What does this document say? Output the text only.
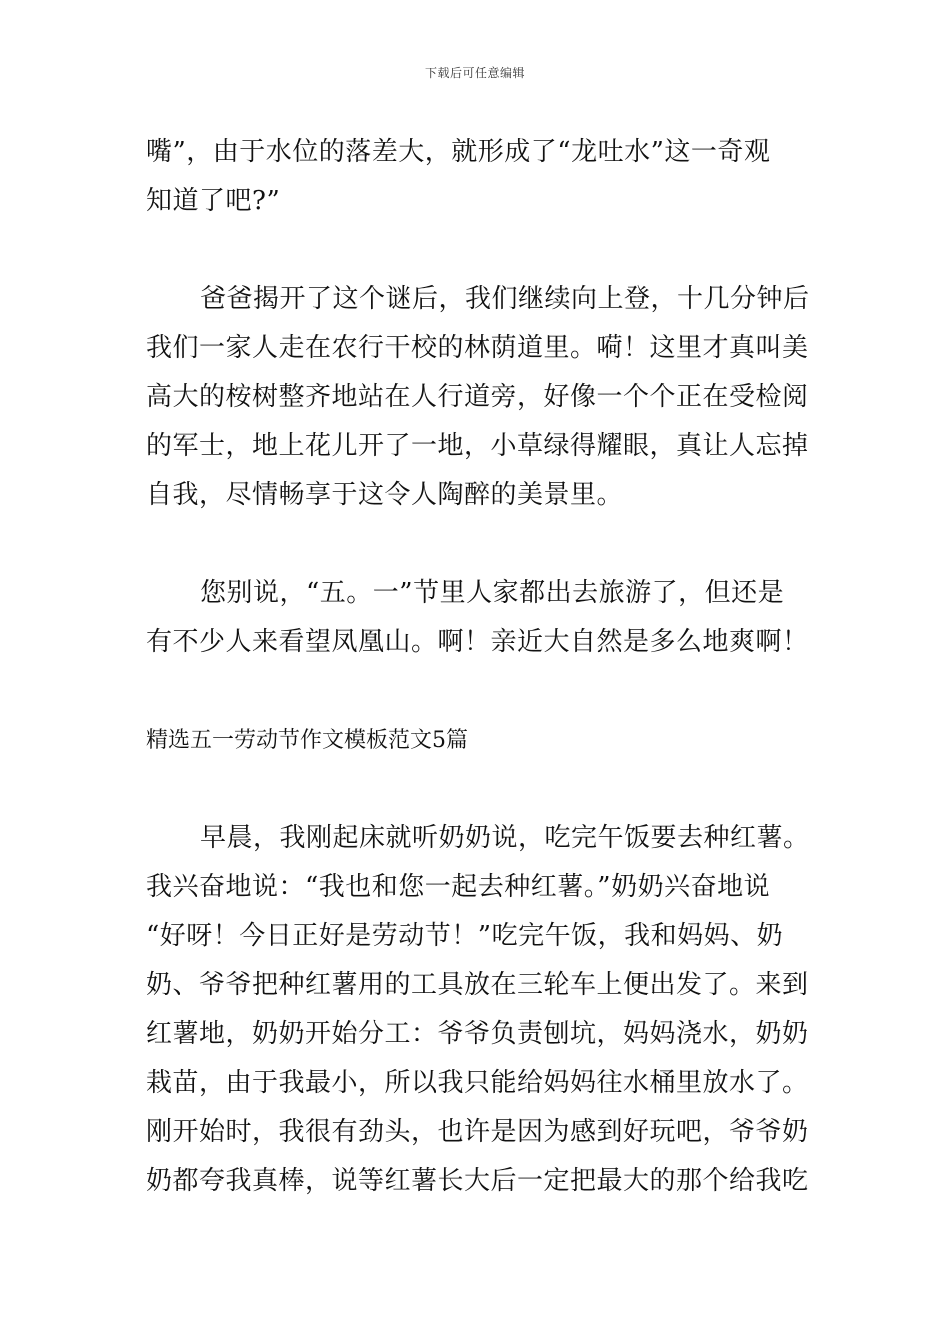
下载后可任意编辑
嘴”，由于水位的落差大，就形成了“龙吐水”这一奇观
知道了吧?”
爸爸揭开了这个谜后，我们继续向上登，十几分钟后
我们一家人走在农行干校的林荫道里。嗬！这里才真叫美
高大的桉树整齐地站在人行道旁，好像一个个正在受检阅
的军士，地上花儿开了一地，小草绿得耀眼，真让人忘掉
自我，尽情畅享于这令人陶醉的美景里。
您别说，“五。一”节里人家都出去旅游了，但还是
有不少人来看望凤凰山。啊！亲近大自然是多么地爽啊！
精选五一劳动节作文模板范文5篇
早晨，我刚起床就听奶奶说，吃完午饭要去种红薯。
我兴奋地说：“我也和您一起去种红薯。”奶奶兴奋地说
“好呀！今日正好是劳动节！”吃完午饭，我和妈妈、奶
奶、爷爷把种红薯用的工具放在三轮车上便出发了。来到
红薯地，奶奶开始分工：爷爷负责刨坑，妈妈浇水，奶奶
栽苗，由于我最小，所以我只能给妈妈往水桶里放水了。
刚开始时，我很有劲头，也许是因为感到好玩吧，爷爷奶
奶都夸我真棒，说等红薯长大后一定把最大的那个给我吃
